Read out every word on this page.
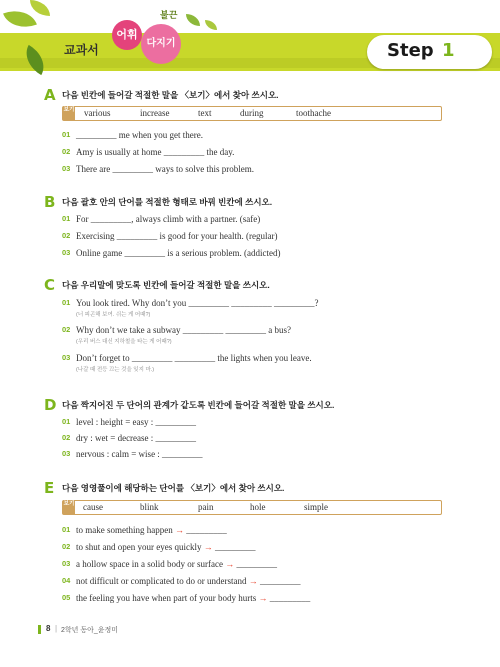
교과서
어휘
다지기
불끈
Step 1
A 다음 빈칸에 들어갈 적절한 말을 〈보기〉에서 찾아 쓰시오.
보기 various	increase	text	during	toothache
01 _________ me when you get there.
02 Amy is usually at home _________ the day.
03 There are _________ ways to solve this problem.
B 다음 괄호 안의 단어를 적절한 형태로 바꿔 빈칸에 쓰시오.
01 For _________, always climb with a partner. (safe)
02 Exercising _________ is good for your health. (regular)
03 Online game _________ is a serious problem. (addicted)
C 다음 우리말에 맞도록 빈칸에 들어갈 적절한 말을 쓰시오.
01 You look tired. Why don’t you _________ _________ _________?
(너 피곤해 보여. 쉬는 게 어때?)
02 Why don’t we take a subway _________ _________ a bus?
(우리 버스 대신 지하철을 타는 게 어때?)
03 Don’t forget to _________ _________ the lights when you leave.
(나갈 때 전등 끄는 것을 잊지 마.)
D 다음 짝지어진 두 단어의 관계가 같도록 빈칸에 들어갈 적절한 말을 쓰시오.
01 level : height = easy : _________
02 dry : wet = decrease : _________
03 nervous : calm = wise : _________
E 다음 영영풀이에 해당하는 단어를 〈보기〉에서 찾아 쓰시오.
보기 cause	blink	pain	hole	simple
01 to make something happen → _________
02 to shut and open your eyes quickly → _________
03 a hollow space in a solid body or surface → _________
04 not difficult or complicated to do or understand → _________
05 the feeling you have when part of your body hurts → _________
8 | 2학년 동아_윤정미
